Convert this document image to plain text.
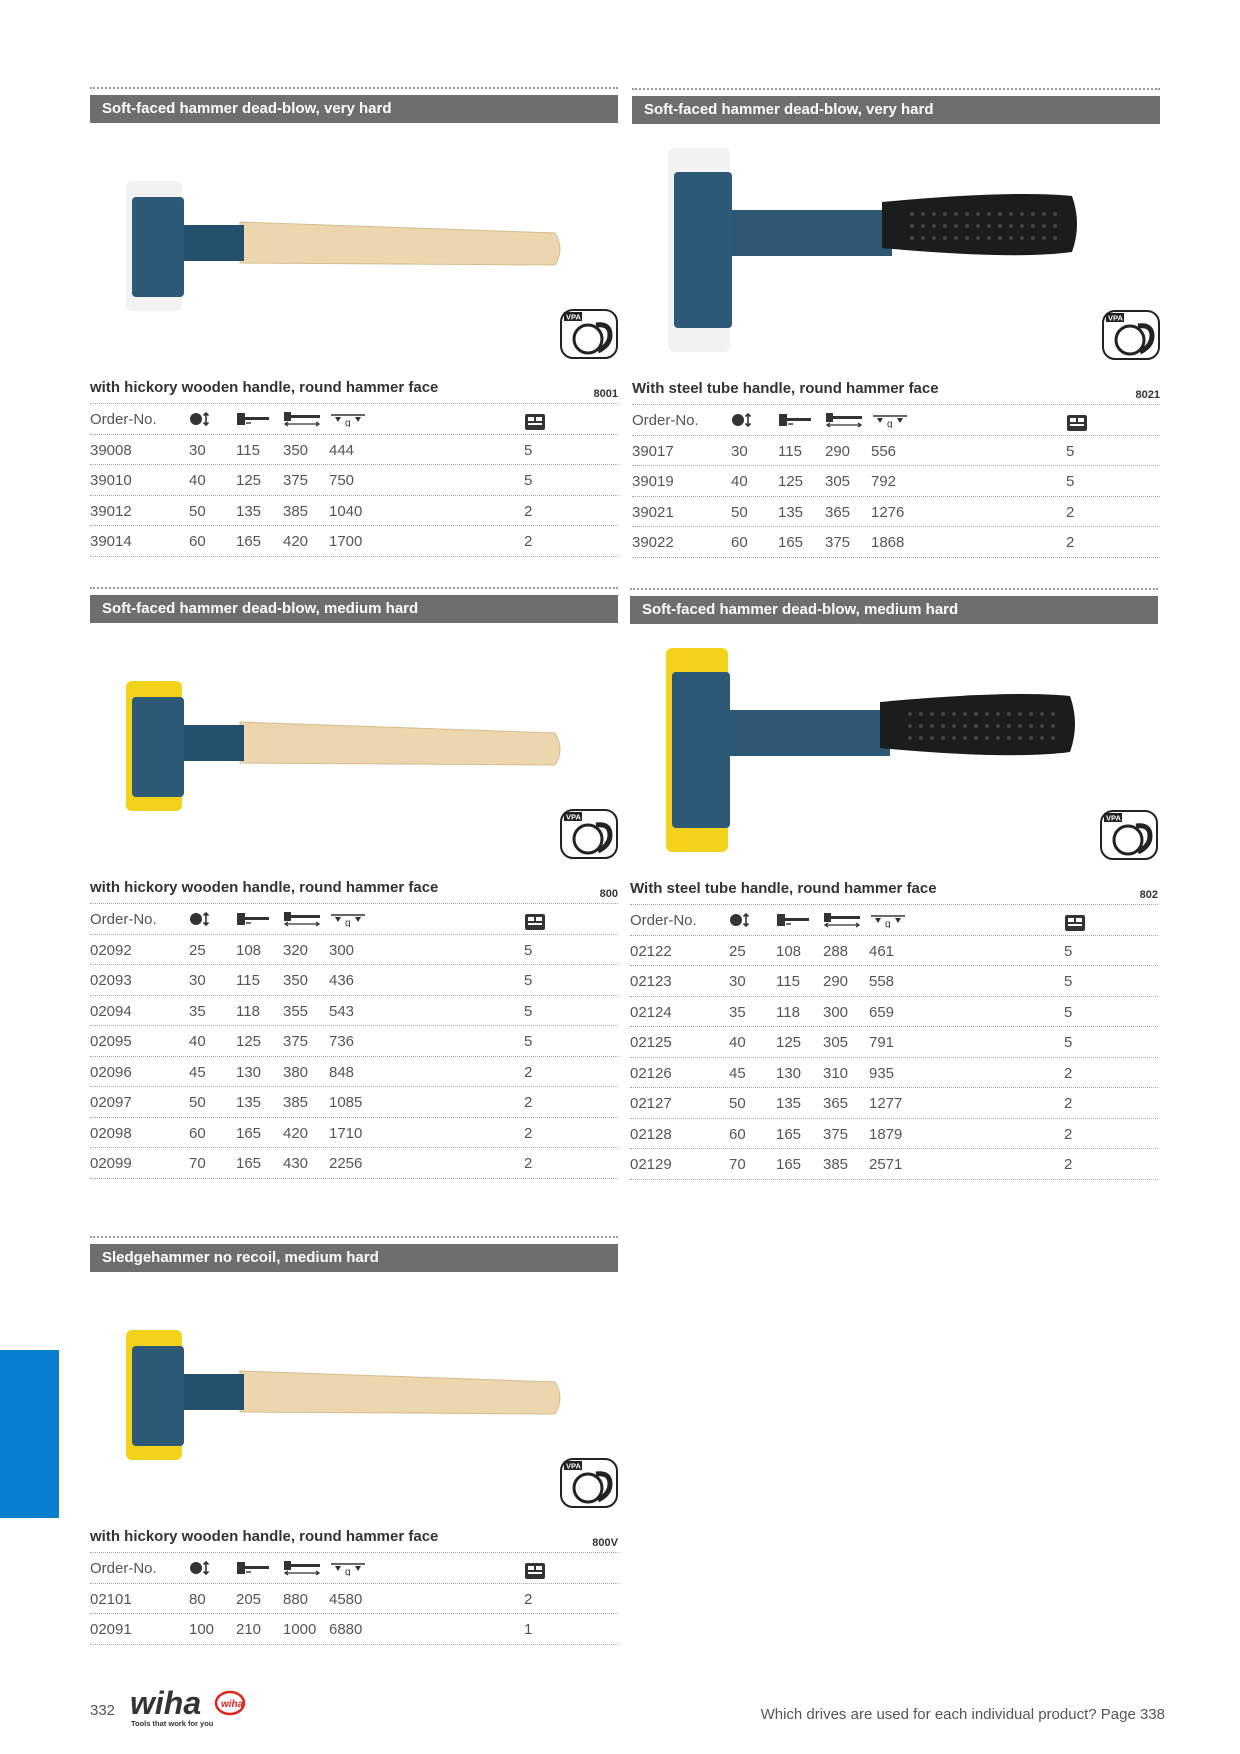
Soft-faced hammer dead-blow, very hard
VPA
with hickory wooden handle, round hammer face	8001
Order-No.	g
39008	30 115 350 444	5
39010	40 125 375 750	5
39012	50 135 385 1040	2
39014	60 165 420 1700	2
Soft-faced hammer dead-blow, very hard
VPA
With steel tube handle, round hammer face	8021
Order-No.	g
39017	30 115 290 556	5
39019	40 125 305 792	5
39021	50 135 365 1276	2
39022	60 165 375 1868	2
Soft-faced hammer dead-blow, medium hard
VPA
with hickory wooden handle, round hammer face	800
Order-No.	g
02092	25 108 320 300	5
02093	30 115 350 436	5
02094	35 118 355 543	5
02095	40 125 375 736	5
02096	45 130 380 848	2
02097	50 135 385 1085	2
02098	60 165 420 1710	2
02099	70 165 430 2256	2
Soft-faced hammer dead-blow, medium hard
VPA
With steel tube handle, round hammer face	802
Order-No.	g
02122	25 108 288 461	5
02123	30 115 290 558	5
02124	35 118 300 659	5
02125	40 125 305 791	5
02126	45 130 310 935	2
02127	50 135 365 1277	2
02128	60 165 375 1879	2
02129	70 165 385 2571	2
Sledgehammer no recoil, medium hard
VPA
with hickory wooden handle, round hammer face	800V
Order-No.	g
02101	80 205 880 4580	2
02091	100 210 1000 6880	1
332 wiha wiha
Tools that work for you
Which drives are used for each individual product? Page 338
